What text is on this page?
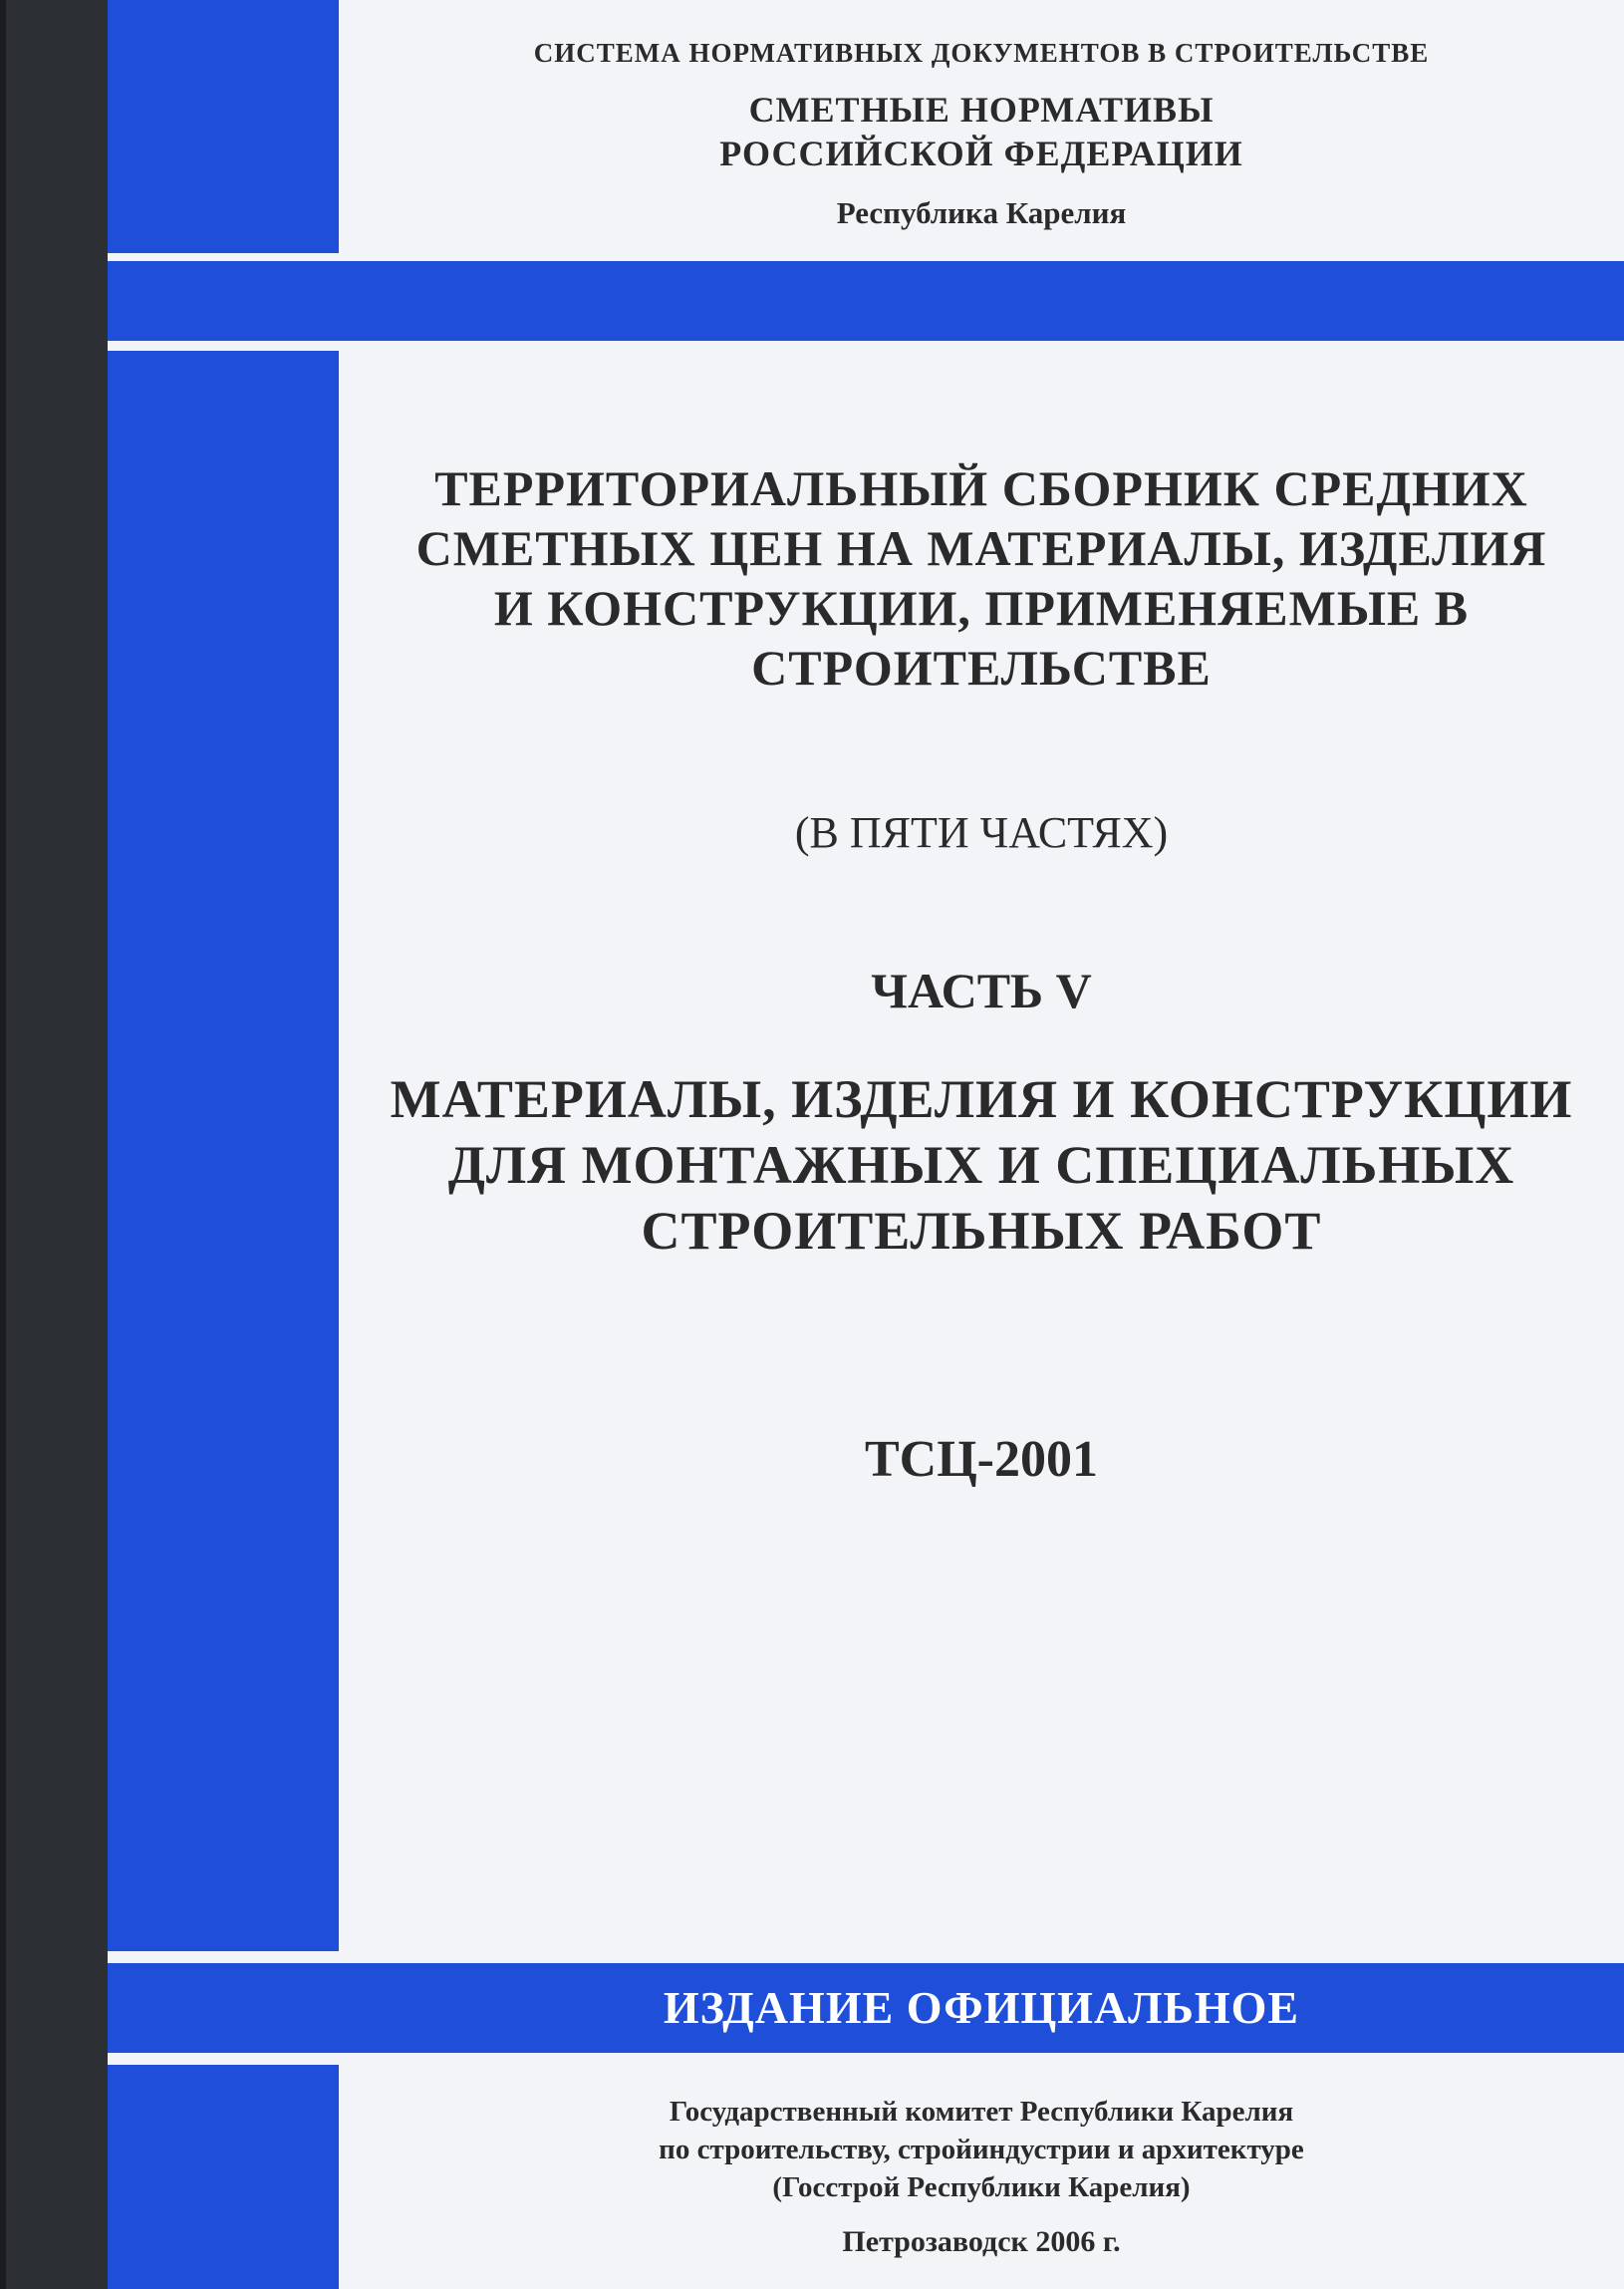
СИСТЕМА НОРМАТИВНЫХ ДОКУМЕНТОВ В СТРОИТЕЛЬСТВЕ
СМЕТНЫЕ НОРМАТИВЫ
РОССИЙСКОЙ ФЕДЕРАЦИИ
Республика Карелия
ТЕРРИТОРИАЛЬНЫЙ СБОРНИК СРЕДНИХ
СМЕТНЫХ ЦЕН НА МАТЕРИАЛЫ, ИЗДЕЛИЯ
И КОНСТРУКЦИИ, ПРИМЕНЯЕМЫЕ В
СТРОИТЕЛЬСТВЕ
(В ПЯТИ ЧАСТЯХ)
ЧАСТЬ V
МАТЕРИАЛЫ, ИЗДЕЛИЯ И КОНСТРУКЦИИ
ДЛЯ МОНТАЖНЫХ И СПЕЦИАЛЬНЫХ
СТРОИТЕЛЬНЫХ РАБОТ
ТСЦ-2001
ИЗДАНИЕ ОФИЦИАЛЬНОЕ
Государственный комитет Республики Карелия
по строительству, стройиндустрии и архитектуре
(Госстрой Республики Карелия)
Петрозаводск 2006 г.
